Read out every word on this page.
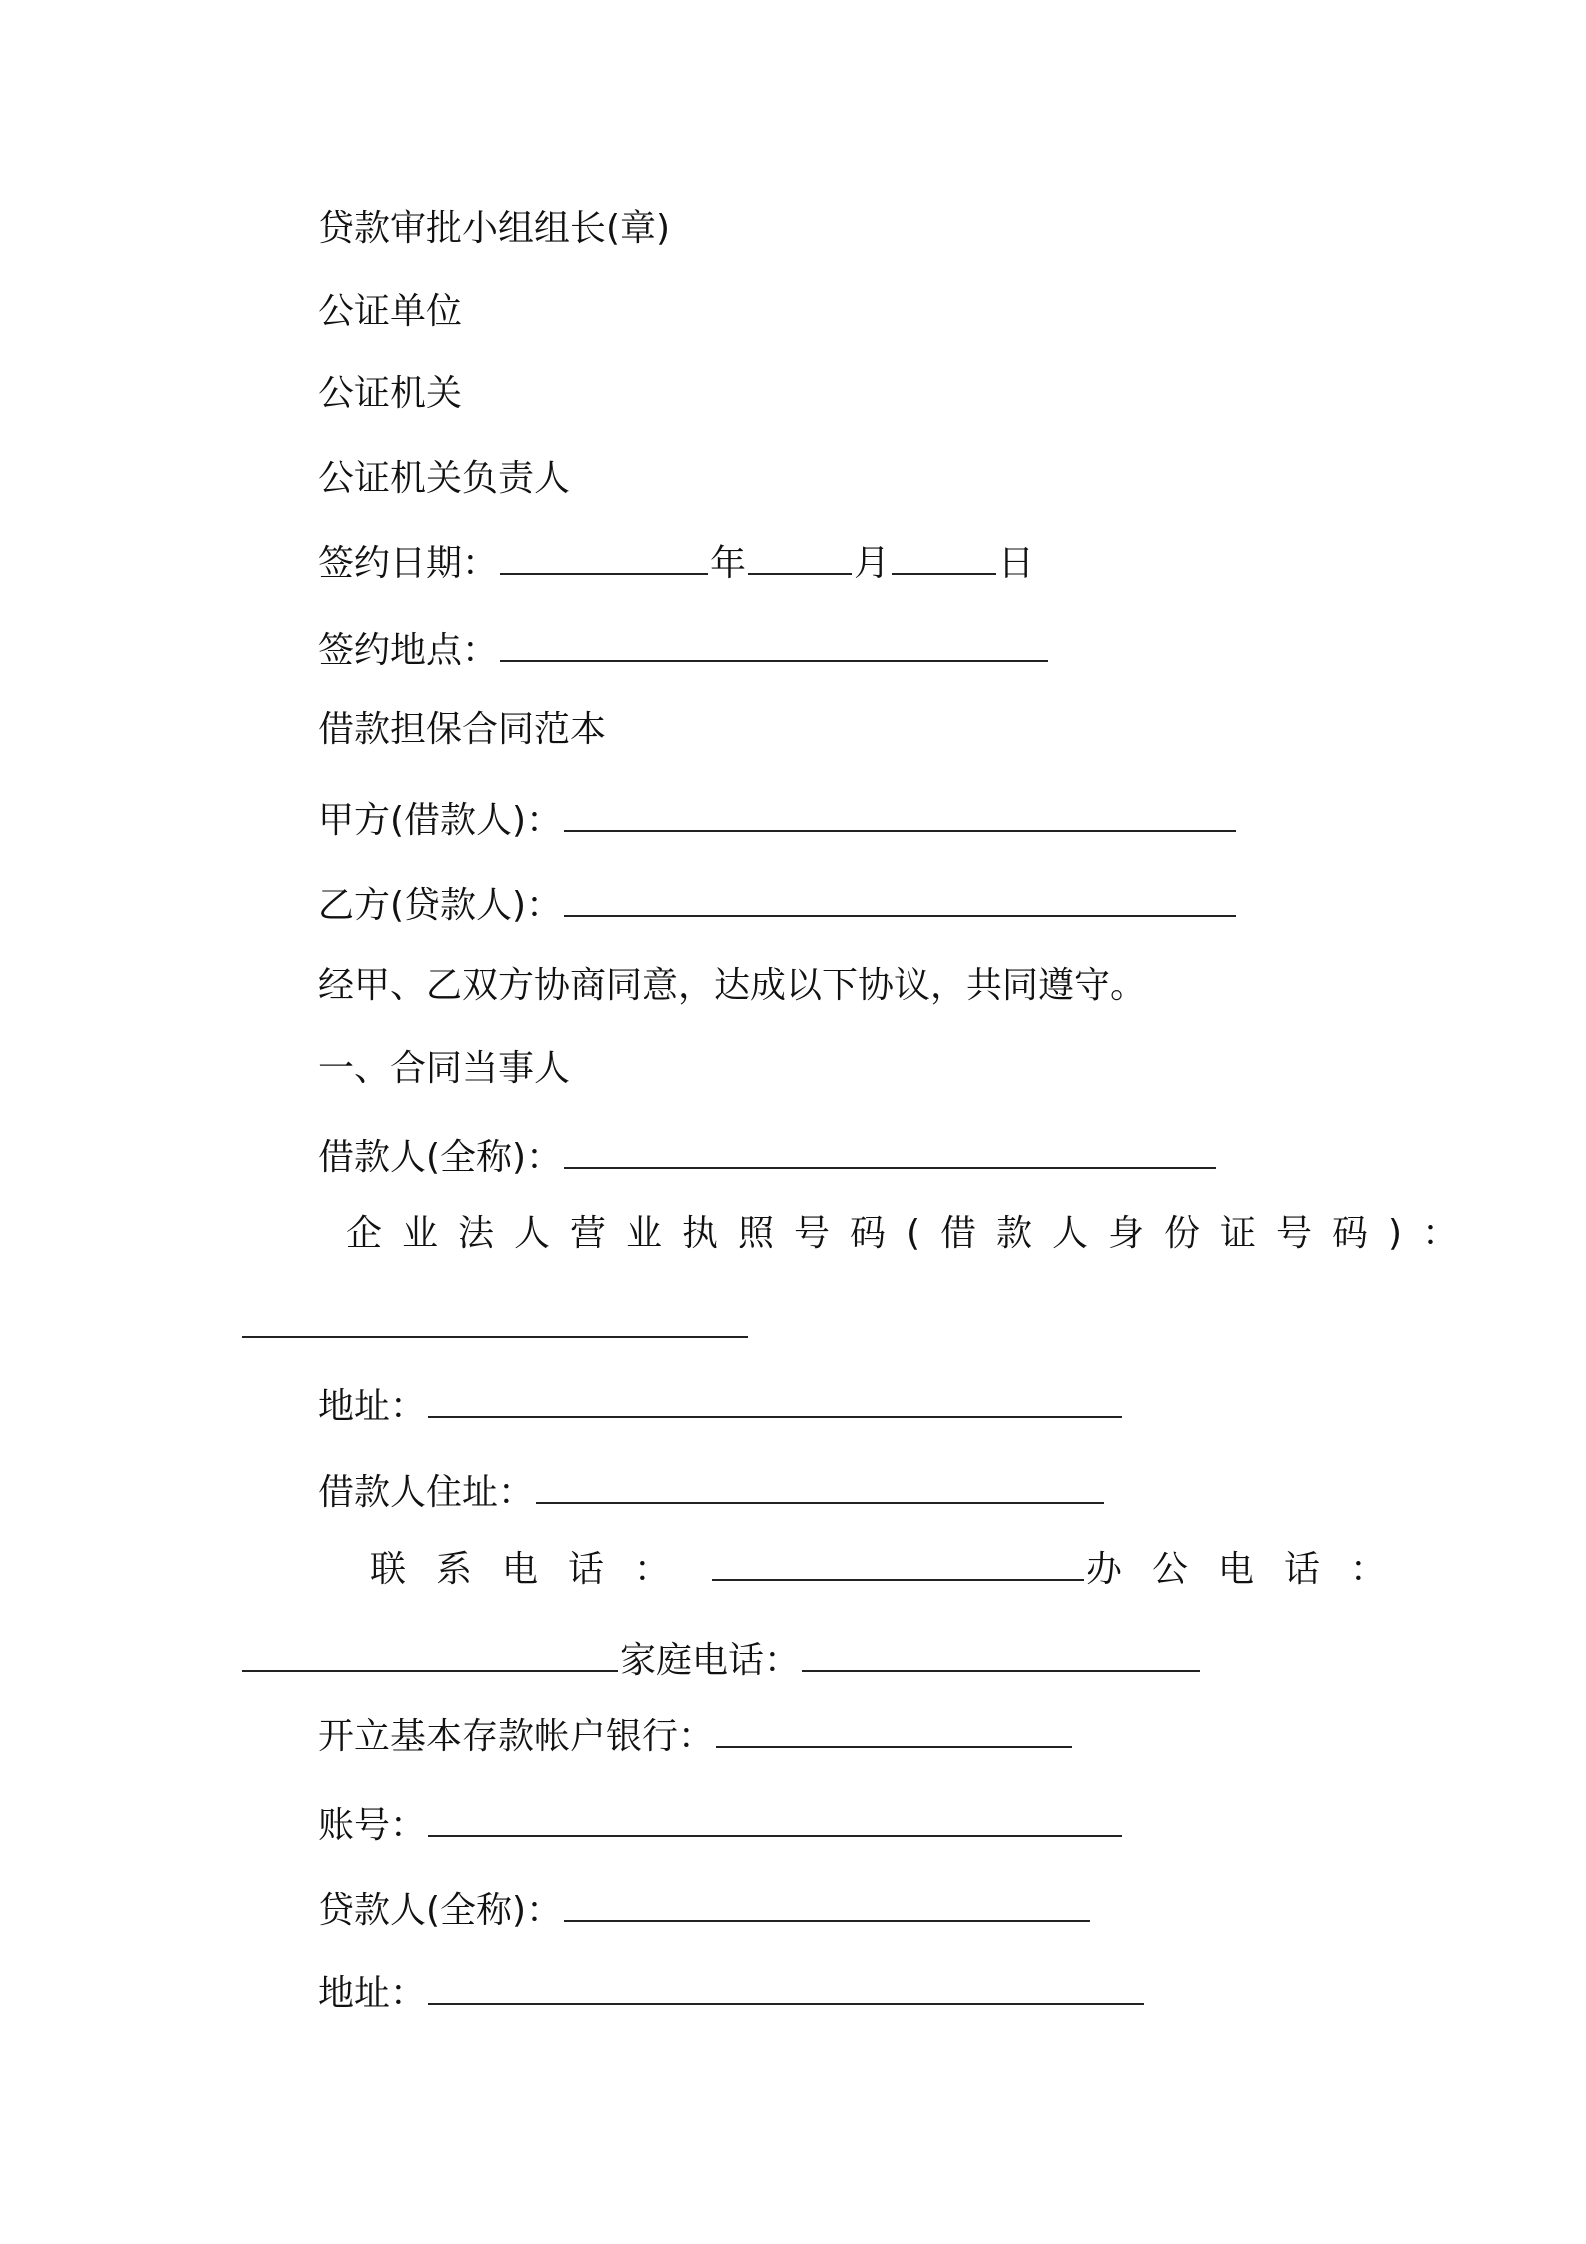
贷款审批小组组长(章)
公证单位
公证机关
公证机关负责人
签约日期：	年	月	日
签约地点：
借款担保合同范本
甲方(借款人)：
乙方(贷款人)：
经甲、乙双方协商同意，达成以下协议，共同遵守。
一、合同当事人
借款人(全称)：
企业法人营业执照号码(借款人身份证号码)：
地址：
借款人住址：
联系电话：	办公电话：
家庭电话：
开立基本存款帐户银行：
账号：
贷款人(全称)：
地址：
